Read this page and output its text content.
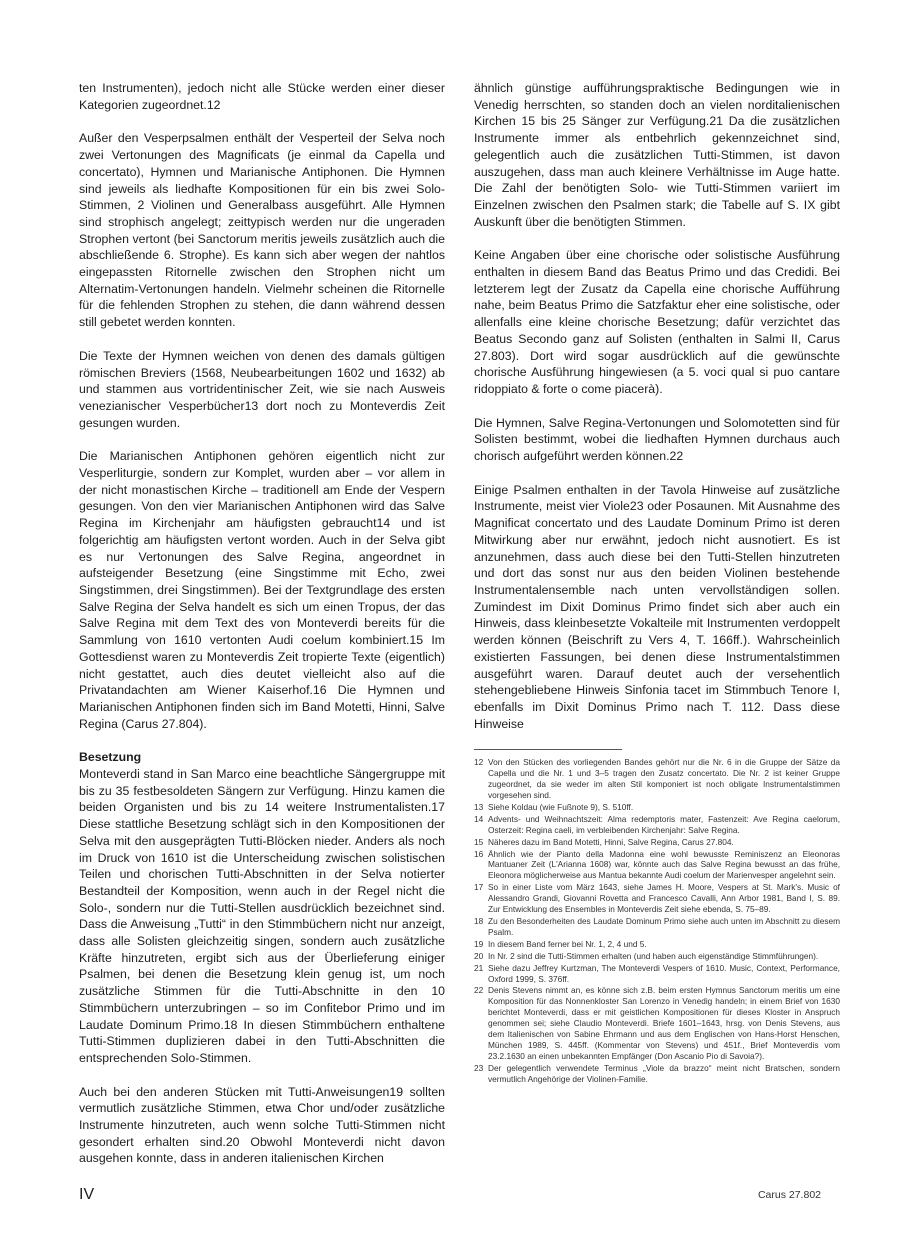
ten Instrumenten), jedoch nicht alle Stücke werden einer dieser Kategorien zugeordnet.12

Außer den Vesperpsalmen enthält der Vesperteil der Selva noch zwei Vertonungen des Magnificats (je einmal da Capella und concertato), Hymnen und Marianische Antiphonen. Die Hymnen sind jeweils als liedhafte Kompositionen für ein bis zwei Solo-Stimmen, 2 Violinen und Generalbass ausgeführt. Alle Hymnen sind strophisch angelegt; zeittypisch werden nur die ungeraden Strophen vertont (bei Sanctorum meritis jeweils zusätzlich auch die abschließende 6. Strophe). Es kann sich aber wegen der nahtlos eingepassten Ritornelle zwischen den Strophen nicht um Alternatim-Vertonungen handeln. Vielmehr scheinen die Ritornelle für die fehlenden Strophen zu stehen, die dann während dessen still gebetet werden konnten.

Die Texte der Hymnen weichen von denen des damals gültigen römischen Breviers (1568, Neubearbeitungen 1602 und 1632) ab und stammen aus vortridentinischer Zeit, wie sie nach Ausweis venezianischer Vesperbücher13 dort noch zu Monteverdis Zeit gesungen wurden.

Die Marianischen Antiphonen gehören eigentlich nicht zur Vesperliturgie, sondern zur Komplet, wurden aber – vor allem in der nicht monastischen Kirche – traditionell am Ende der Vespern gesungen. Von den vier Marianischen Antiphonen wird das Salve Regina im Kirchenjahr am häufigsten gebraucht14 und ist folgerichtig am häufigsten vertont worden. Auch in der Selva gibt es nur Vertonungen des Salve Regina, angeordnet in aufsteigender Besetzung (eine Singstimme mit Echo, zwei Singstimmen, drei Singstimmen). Bei der Textgrundlage des ersten Salve Regina der Selva handelt es sich um einen Tropus, der das Salve Regina mit dem Text des von Monteverdi bereits für die Sammlung von 1610 vertonten Audi coelum kombiniert.15 Im Gottesdienst waren zu Monteverdis Zeit tropierte Texte (eigentlich) nicht gestattet, auch dies deutet vielleicht also auf die Privatandachten am Wiener Kaiserhof.16 Die Hymnen und Marianischen Antiphonen finden sich im Band Motetti, Hinni, Salve Regina (Carus 27.804).

Besetzung

Monteverdi stand in San Marco eine beachtliche Sängergruppe mit bis zu 35 festbesoldeten Sängern zur Verfügung. Hinzu kamen die beiden Organisten und bis zu 14 weitere Instrumentalisten.17 Diese stattliche Besetzung schlägt sich in den Kompositionen der Selva mit den ausgeprägten Tutti-Blöcken nieder. Anders als noch im Druck von 1610 ist die Unterscheidung zwischen solistischen Teilen und chorischen Tutti-Abschnitten in der Selva notierter Bestandteil der Komposition, wenn auch in der Regel nicht die Solo-, sondern nur die Tutti-Stellen ausdrücklich bezeichnet sind. Dass die Anweisung „Tutti“ in den Stimmbüchern nicht nur anzeigt, dass alle Solisten gleichzeitig singen, sondern auch zusätzliche Kräfte hinzutreten, ergibt sich aus der Überlieferung einiger Psalmen, bei denen die Besetzung klein genug ist, um noch zusätzliche Stimmen für die Tutti-Abschnitte in den 10 Stimmbüchern unterzubringen – so im Confitebor Primo und im Laudate Dominum Primo.18 In diesen Stimmbüchern enthaltene Tutti-Stimmen duplizieren dabei in den Tutti-Abschnitten die entsprechenden Solo-Stimmen.

Auch bei den anderen Stücken mit Tutti-Anweisungen19 sollten vermutlich zusätzliche Stimmen, etwa Chor und/oder zusätzliche Instrumente hinzutreten, auch wenn solche Tutti-Stimmen nicht gesondert erhalten sind.20 Obwohl Monteverdi nicht davon ausgehen konnte, dass in anderen italienischen Kirchen

ähnlich günstige aufführungspraktische Bedingungen wie in Venedig herrschten, so standen doch an vielen norditalienischen Kirchen 15 bis 25 Sänger zur Verfügung.21 Da die zusätzlichen Instrumente immer als entbehrlich gekennzeichnet sind, gelegentlich auch die zusätzlichen Tutti-Stimmen, ist davon auszugehen, dass man auch kleinere Verhältnisse im Auge hatte. Die Zahl der benötigten Solo- wie Tutti-Stimmen variiert im Einzelnen zwischen den Psalmen stark; die Tabelle auf S. IX gibt Auskunft über die benötigten Stimmen.

Keine Angaben über eine chorische oder solistische Ausführung enthalten in diesem Band das Beatus Primo und das Credidi. Bei letzterem legt der Zusatz da Capella eine chorische Aufführung nahe, beim Beatus Primo die Satzfaktur eher eine solistische, oder allenfalls eine kleine chorische Besetzung; dafür verzichtet das Beatus Secondo ganz auf Solisten (enthalten in Salmi II, Carus 27.803). Dort wird sogar ausdrücklich auf die gewünschte chorische Ausführung hingewiesen (a 5. voci qual si puo cantare ridoppiato & forte o come piacerà).

Die Hymnen, Salve Regina-Vertonungen und Solomotetten sind für Solisten bestimmt, wobei die liedhaften Hymnen durchaus auch chorisch aufgeführt werden können.22

Einige Psalmen enthalten in der Tavola Hinweise auf zusätzliche Instrumente, meist vier Viole23 oder Posaunen. Mit Ausnahme des Magnificat concertato und des Laudate Dominum Primo ist deren Mitwirkung aber nur erwähnt, jedoch nicht ausnotiert. Es ist anzunehmen, dass auch diese bei den Tutti-Stellen hinzutreten und dort das sonst nur aus den beiden Violinen bestehende Instrumentalensemble nach unten vervollständigen sollen. Zumindest im Dixit Dominus Primo findet sich aber auch ein Hinweis, dass kleinbesetzte Vokalteile mit Instrumenten verdoppelt werden können (Beischrift zu Vers 4, T. 166ff.). Wahrscheinlich existierten Fassungen, bei denen diese Instrumentalstimmen ausgeführt waren. Darauf deutet auch der versehentlich stehengebliebene Hinweis Sinfonia tacet im Stimmbuch Tenore I, ebenfalls im Dixit Dominus Primo nach T. 112. Dass diese Hinweise

12 Von den Stücken des vorliegenden Bandes gehört nur die Nr. 6 in die Gruppe der Sätze da Capella und die Nr. 1 und 3–5 tragen den Zusatz concertato. Die Nr. 2 ist keiner Gruppe zugeordnet, da sie weder im alten Stil komponiert ist noch obligate Instrumentalstimmen vorgesehen sind.
13 Siehe Koldau (wie Fußnote 9), S. 510ff.
14 Advents- und Weihnachtszeit: Alma redemptoris mater, Fastenzeit: Ave Regina caelorum, Osterzeit: Regina caeli, im verbleibenden Kirchenjahr: Salve Regina.
15 Näheres dazu im Band Motetti, Hinni, Salve Regina, Carus 27.804.
16 Ähnlich wie der Pianto della Madonna eine wohl bewusste Reminiszenz an Eleonoras Mantuaner Zeit (L'Arianna 1608) war, könnte auch das Salve Regina bewusst an das frühe, Eleonora möglicherweise aus Mantua bekannte Audi coelum der Marienvesper angelehnt sein.
17 So in einer Liste vom März 1643, siehe James H. Moore, Vespers at St. Mark's. Music of Alessandro Grandi, Giovanni Rovetta and Francesco Cavalli, Ann Arbor 1981, Band I, S. 89. Zur Entwicklung des Ensembles in Monteverdis Zeit siehe ebenda, S. 75–89.
18 Zu den Besonderheiten des Laudate Dominum Primo siehe auch unten im Abschnitt zu diesem Psalm.
19 In diesem Band ferner bei Nr. 1, 2, 4 und 5.
20 In Nr. 2 sind die Tutti-Stimmen erhalten (und haben auch eigenständige Stimmführungen).
21 Siehe dazu Jeffrey Kurtzman, The Monteverdi Vespers of 1610. Music, Context, Performance, Oxford 1999, S. 376ff.
22 Denis Stevens nimmt an, es könne sich z.B. beim ersten Hymnus Sanctorum meritis um eine Komposition für das Nonnenkloster San Lorenzo in Venedig handeln; in einem Brief von 1630 berichtet Monteverdi, dass er mit geistlichen Kompositionen für dieses Kloster in Anspruch genommen sei; siehe Claudio Monteverdi. Briefe 1601–1643, hrsg. von Denis Stevens, aus dem Italienischen von Sabine Ehrmann und aus dem Englischen von Hans-Horst Henschen, München 1989, S. 445ff. (Kommentar von Stevens) und 451f., Brief Monteverdis vom 23.2.1630 an einen unbekannten Empfänger (Don Ascanio Pio di Savoia?).
23 Der gelegentlich verwendete Terminus „Viole da brazzo“ meint nicht Bratschen, sondern vermutlich Angehörige der Violinen-Familie.
IV	Carus 27.802
